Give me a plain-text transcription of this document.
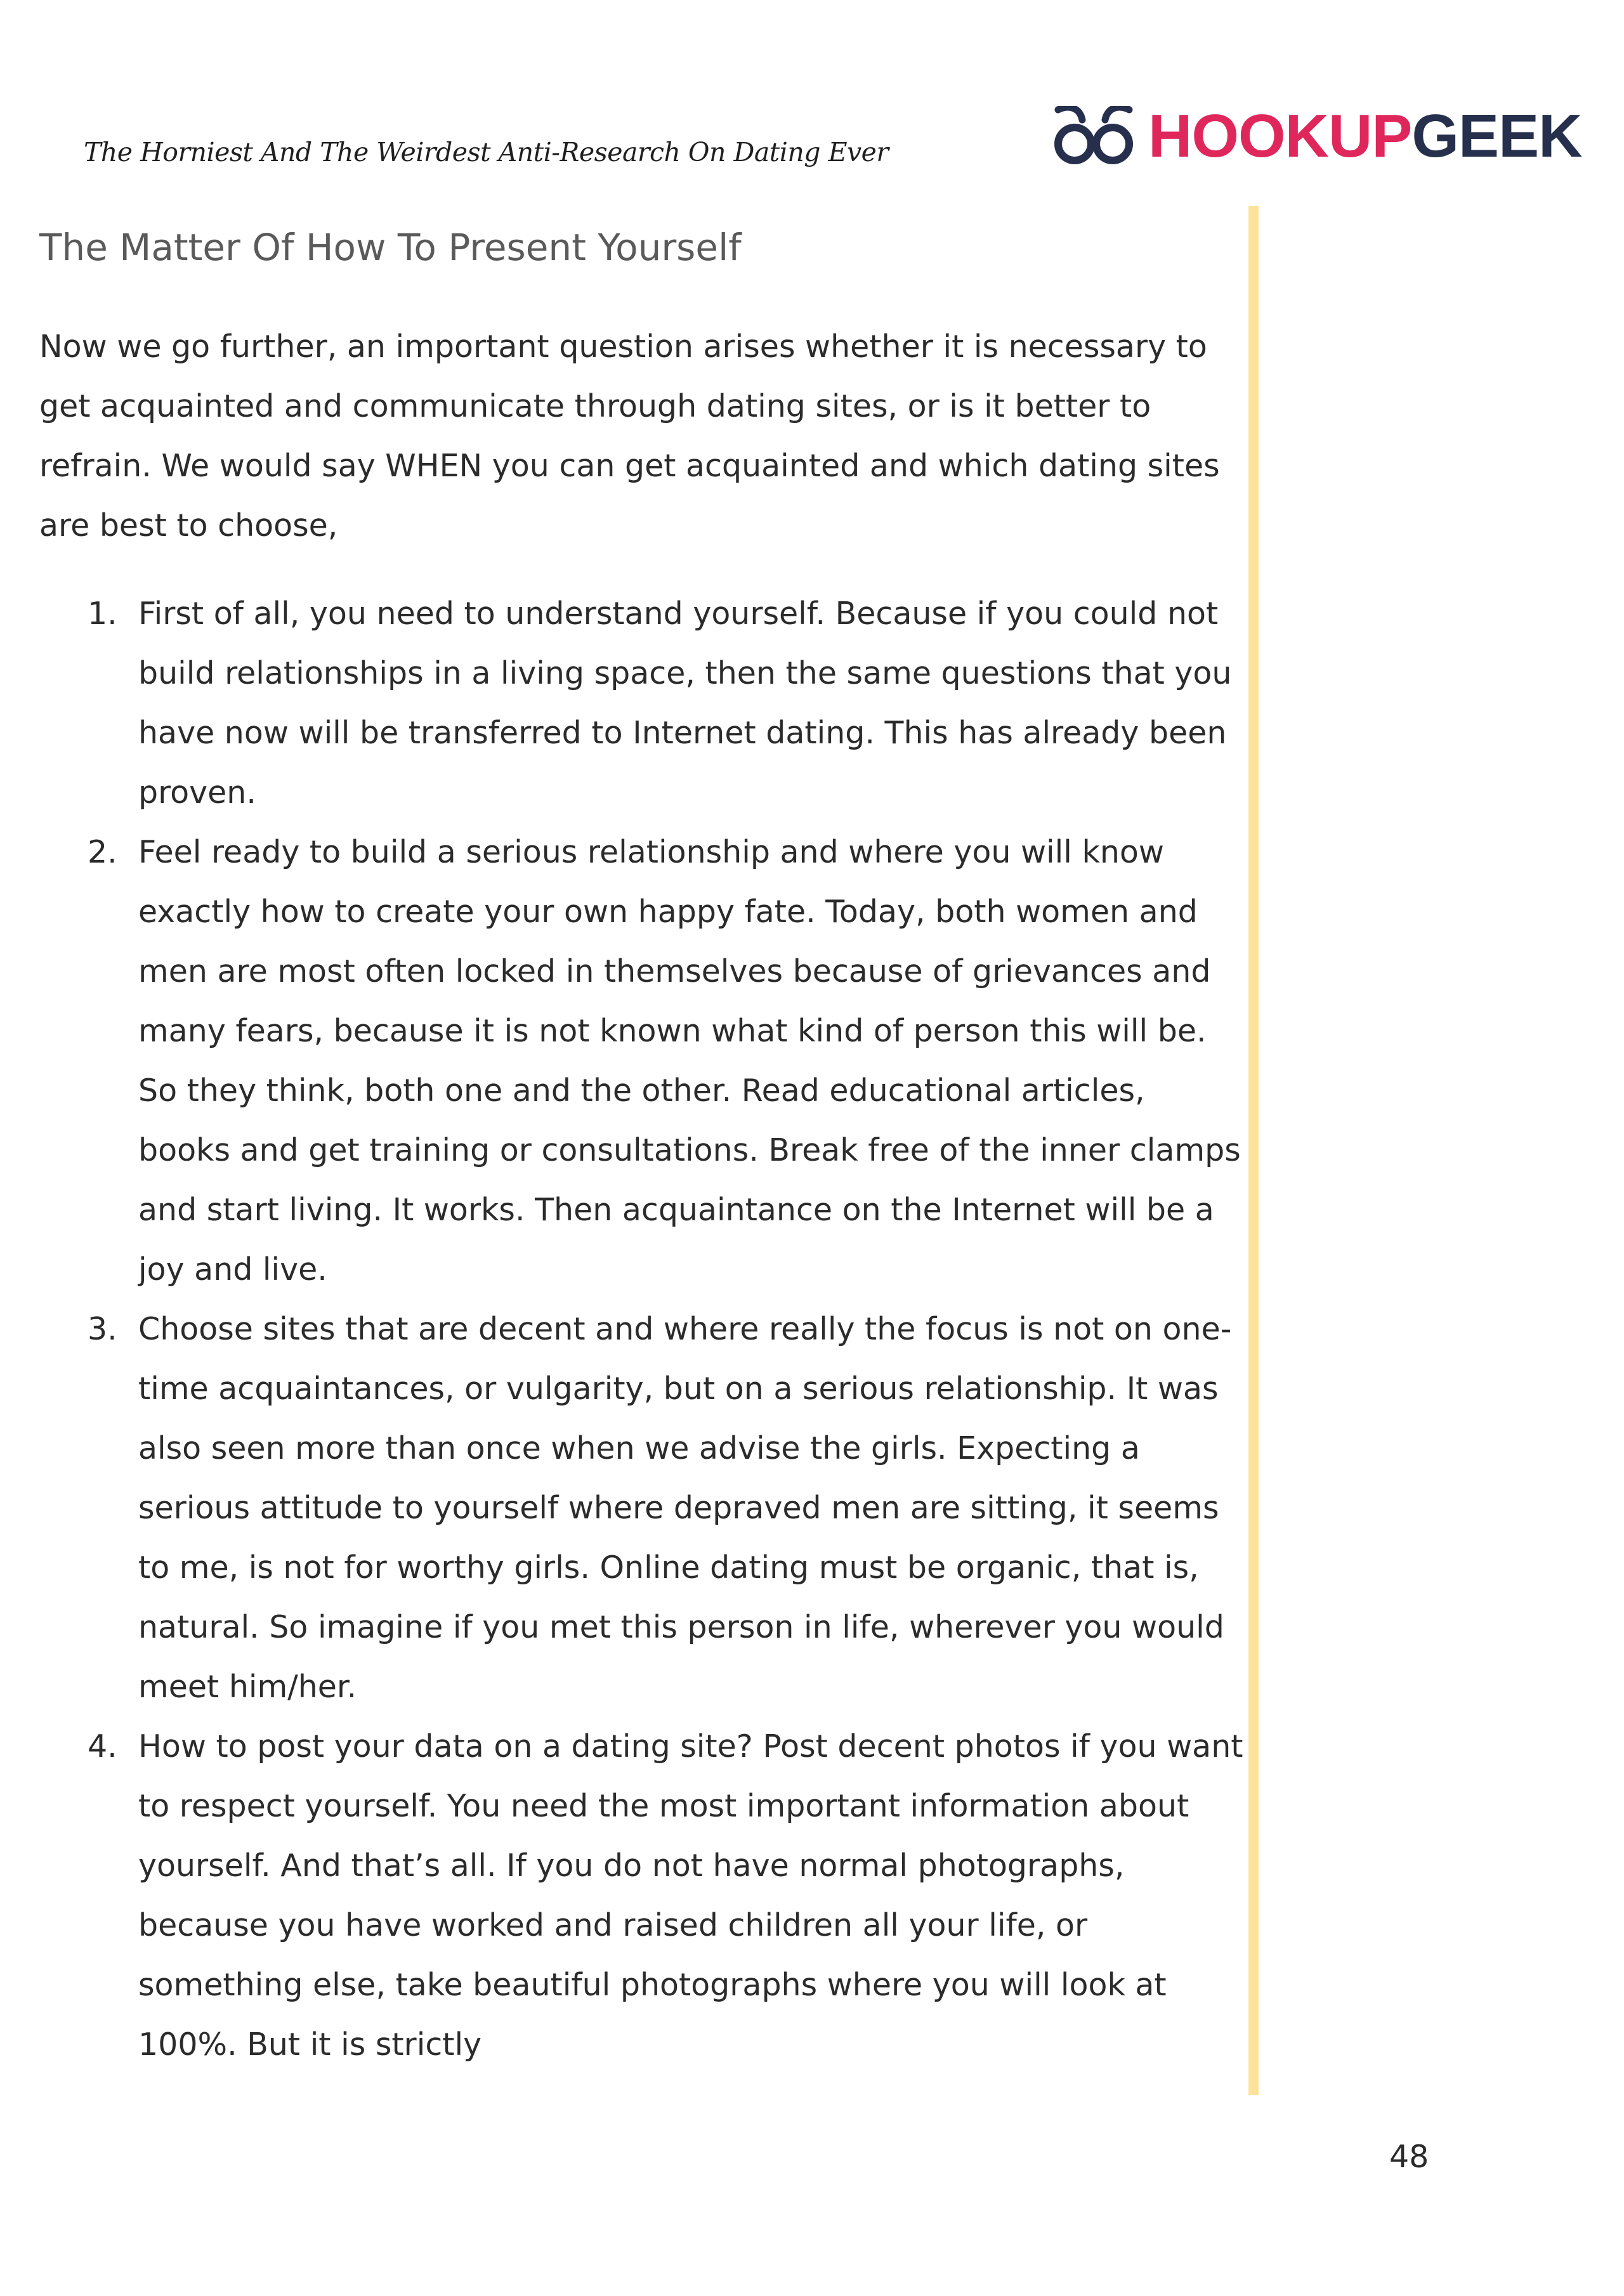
The Horniest And The Weirdest Anti-Research On Dating Ever	HOOKUP GEEK
The Matter Of How To Present Yourself

Now we go further, an important question arises whether it is necessary to get acquainted and communicate through dating sites, or is it better to refrain. We would say WHEN you can get acquainted and which dating sites are best to choose,

1. First of all, you need to understand yourself. Because if you could not build relationships in a living space, then the same questions that you have now will be transferred to Internet dating. This has already been proven.
2. Feel ready to build a serious relationship and where you will know exactly how to create your own happy fate. Today, both women and men are most often locked in themselves because of grievances and many fears, because it is not known what kind of person this will be. So they think, both one and the other. Read educational articles, books and get training or consultations. Break free of the inner clamps and start living. It works. Then acquaintance on the Internet will be a joy and live.
3. Choose sites that are decent and where really the focus is not on one-time acquaintances, or vulgarity, but on a serious relationship. It was also seen more than once when we advise the girls. Expecting a serious attitude to yourself where depraved men are sitting, it seems to me, is not for worthy girls. Online dating must be organic, that is, natural. So imagine if you met this person in life, wherever you would meet him/her.
4. How to post your data on a dating site? Post decent photos if you want to respect yourself. You need the most important information about yourself. And that’s all. If you do not have normal photographs, because you have worked and raised children all your life, or something else, take beautiful photographs where you will look at 100%. But it is strictly
48
